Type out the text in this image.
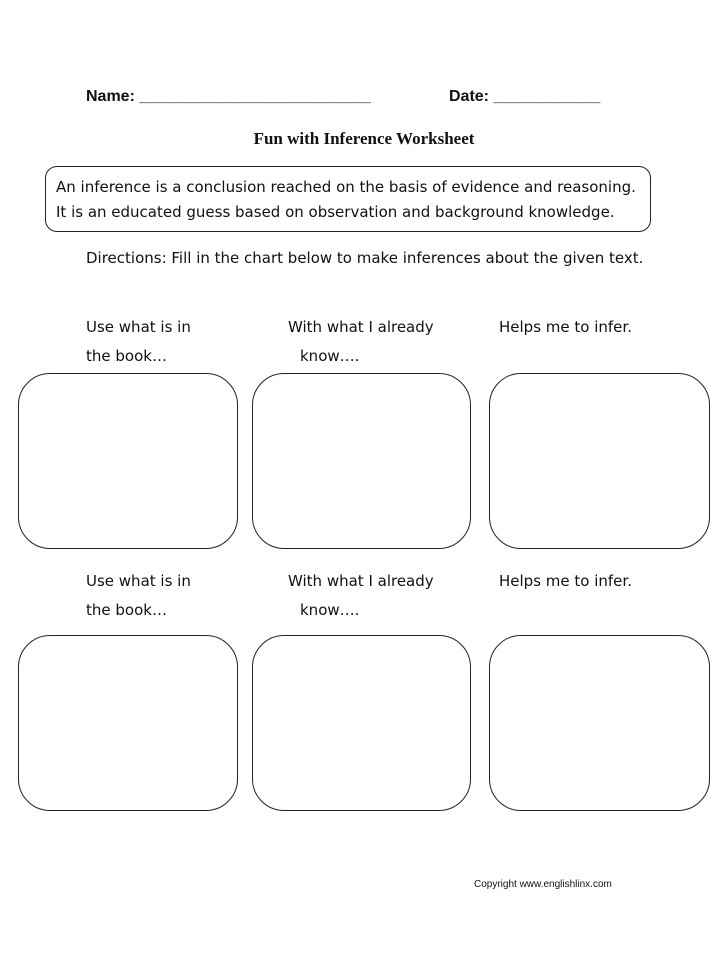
Name: __________________________	Date: ____________
Fun with Inference Worksheet
An inference is a conclusion reached on the basis of evidence and reasoning. It is an educated guess based on observation and background knowledge.
Directions: Fill in the chart below to make inferences about the given text.
Use what is in
the book…
With what I already
know….
Helps me to infer.
Use what is in
the book…
With what I already
know….
Helps me to infer.
Copyright www.englishlinx.com
